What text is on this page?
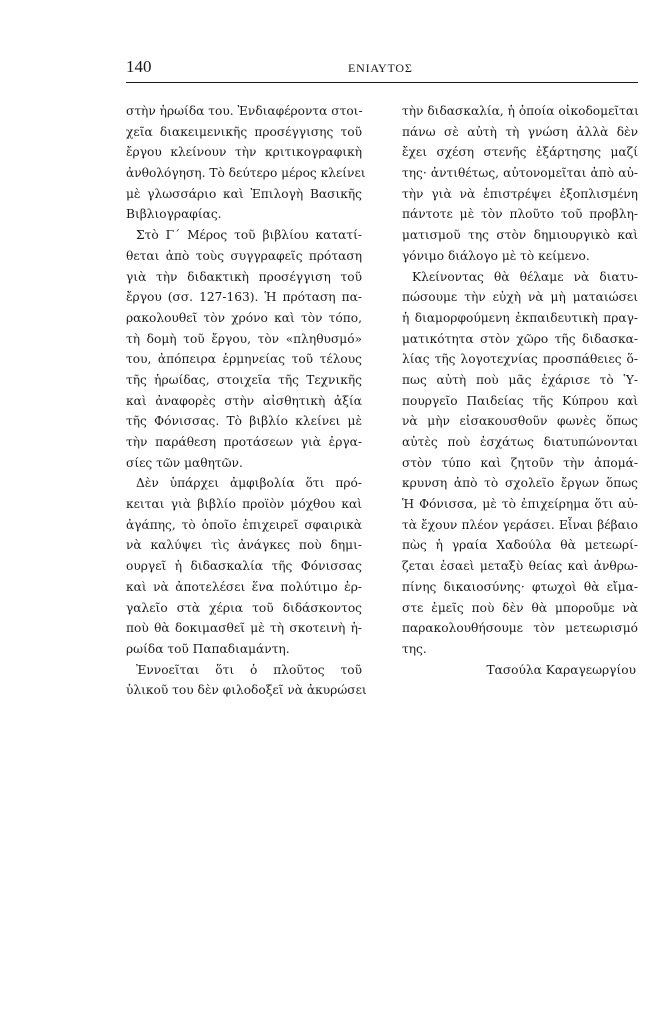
140	ΕΝΙΑΥΤΟΣ
στὴν ἡρωίδα του. Ἐνδιαφέροντα στοι-
χεῖα διακειμενικῆς προσέγγισης τοῦ
ἔργου κλείνουν τὴν κριτικογραφικὴ
ἀνθολόγηση. Τὸ δεύτερο μέρος κλείνει
μὲ γλωσσάριο καὶ Ἐπιλογὴ Βασικῆς
Βιβλιογραφίας.
Στὸ Γ΄ Μέρος τοῦ βιβλίου κατατί-
θεται ἀπὸ τοὺς συγγραφεῖς πρόταση
γιὰ τὴν διδακτικὴ προσέγγιση τοῦ
ἔργου (σσ. 127-163). Ἡ πρόταση πα-
ρακολουθεῖ τὸν χρόνο καὶ τὸν τόπο,
τὴ δομὴ τοῦ ἔργου, τὸν «πληθυσμό»
του, ἀπόπειρα ἑρμηνείας τοῦ τέλους
τῆς ἡρωίδας, στοιχεῖα τῆς Τεχνικῆς
καὶ ἀναφορὲς στὴν αἰσθητικὴ ἀξία
τῆς Φόνισσας. Τὸ βιβλίο κλείνει μὲ
τὴν παράθεση προτάσεων γιὰ ἐργα-
σίες τῶν μαθητῶν.
Δὲν ὑπάρχει ἀμφιβολία ὅτι πρό-
κειται γιὰ βιβλίο προϊὸν μόχθου καὶ
ἀγάπης, τὸ ὁποῖο ἐπιχειρεῖ σφαιρικὰ
νὰ καλύψει τὶς ἀνάγκες ποὺ δημι-
ουργεῖ ἡ διδασκαλία τῆς Φόνισσας
καὶ νὰ ἀποτελέσει ἕνα πολύτιμο ἐρ-
γαλεῖο στὰ χέρια τοῦ διδάσκοντος
ποὺ θὰ δοκιμασθεῖ μὲ τὴ σκοτεινὴ ἡ-
ρωίδα τοῦ Παπαδιαμάντη.
Ἐννοεῖται ὅτι ὁ πλοῦτος τοῦ
ὑλικοῦ του δὲν φιλοδοξεῖ νὰ ἀκυρώσει
τὴν διδασκαλία, ἡ ὁποία οἰκοδομεῖται
πάνω σὲ αὐτὴ τὴ γνώση ἀλλὰ δὲν
ἔχει σχέση στενῆς ἐξάρτησης μαζί
της· ἀντιθέτως, αὐτονομεῖται ἀπὸ αὐ-
τὴν γιὰ νὰ ἐπιστρέψει ἐξοπλισμένη
πάντοτε μὲ τὸν πλοῦτο τοῦ προβλη-
ματισμοῦ της στὸν δημιουργικὸ καὶ
γόνιμο διάλογο μὲ τὸ κείμενο.
Κλείνοντας θὰ θέλαμε νὰ διατυ-
πώσουμε τὴν εὐχὴ νὰ μὴ ματαιώσει
ἡ διαμορφούμενη ἐκπαιδευτικὴ πραγ-
ματικότητα στὸν χῶρο τῆς διδασκα-
λίας τῆς λογοτεχνίας προσπάθειες ὅ-
πως αὐτὴ ποὺ μᾶς ἐχάρισε τὸ Ὑ-
πουργεῖο Παιδείας τῆς Κύπρου καὶ
νὰ μὴν εἰσακουσθοῦν φωνὲς ὅπως
αὐτὲς ποὺ ἐσχάτως διατυπώνονται
στὸν τύπο καὶ ζητοῦν τὴν ἀπομά-
κρυνση ἀπὸ τὸ σχολεῖο ἔργων ὅπως
Ἡ Φόνισσα, μὲ τὸ ἐπιχείρημα ὅτι αὐ-
τὰ ἔχουν πλέον γεράσει. Εἶναι βέβαιο
πὼς ἡ γραία Χαδούλα θὰ μετεωρί-
ζεται ἐσαεὶ μεταξὺ θείας καὶ ἀνθρω-
πίνης δικαιοσύνης· φτωχοὶ θὰ εἴμα-
στε ἐμεῖς ποὺ δὲν θὰ μποροῦμε νὰ
παρακολουθήσουμε τὸν μετεωρισμό
της.
Τασούλα Καραγεωργίου
